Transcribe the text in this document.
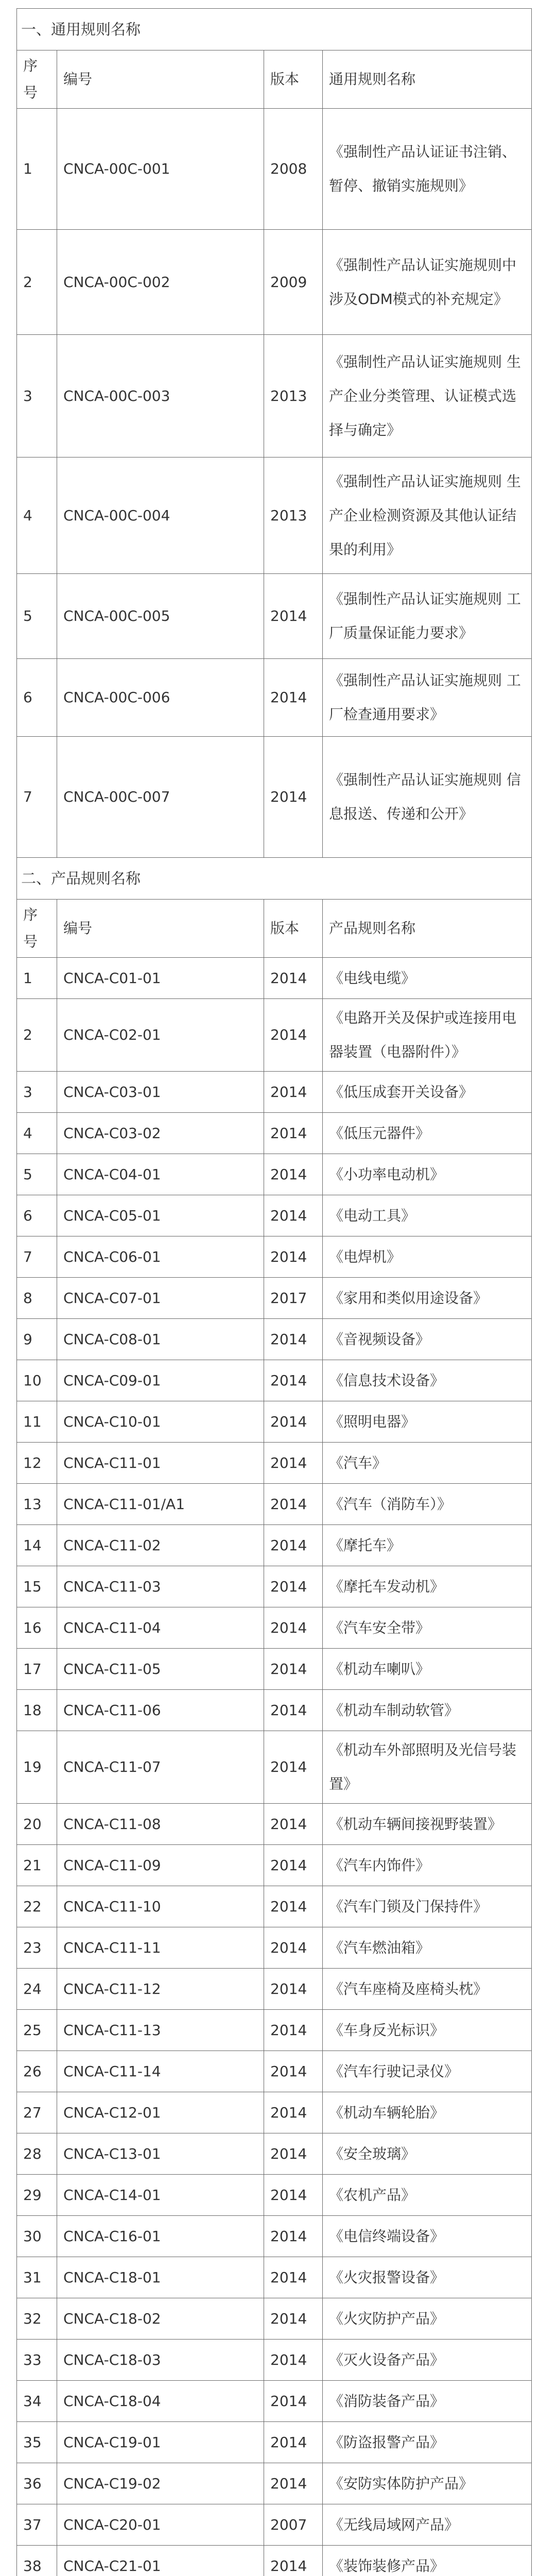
一、通用规则名称			
序号	编号	版本	通用规则名称
1	CNCA-00C-001	2008	《强制性产品认证证书注销、暂停、撤销实施规则》
2	CNCA-00C-002	2009	《强制性产品认证实施规则中涉及ODM模式的补充规定》
3	CNCA-00C-003	2013	《强制性产品认证实施规则 生产企业分类管理、认证模式选择与确定》
4	CNCA-00C-004	2013	《强制性产品认证实施规则 生产企业检测资源及其他认证结果的利用》
5	CNCA-00C-005	2014	《强制性产品认证实施规则 工厂质量保证能力要求》
6	CNCA-00C-006	2014	《强制性产品认证实施规则 工厂检查通用要求》
7	CNCA-00C-007	2014	《强制性产品认证实施规则 信息报送、传递和公开》
二、产品规则名称			
序号	编号	版本	产品规则名称
1	CNCA-C01-01	2014	《电线电缆》
2	CNCA-C02-01	2014	《电路开关及保护或连接用电器装置（电器附件）》
3	CNCA-C03-01	2014	《低压成套开关设备》
4	CNCA-C03-02	2014	《低压元器件》
5	CNCA-C04-01	2014	《小功率电动机》
6	CNCA-C05-01	2014	《电动工具》
7	CNCA-C06-01	2014	《电焊机》
8	CNCA-C07-01	2017	《家用和类似用途设备》
9	CNCA-C08-01	2014	《音视频设备》
10	CNCA-C09-01	2014	《信息技术设备》
11	CNCA-C10-01	2014	《照明电器》
12	CNCA-C11-01	2014	《汽车》
13	CNCA-C11-01/A1	2014	《汽车（消防车）》
14	CNCA-C11-02	2014	《摩托车》
15	CNCA-C11-03	2014	《摩托车发动机》
16	CNCA-C11-04	2014	《汽车安全带》
17	CNCA-C11-05	2014	《机动车喇叭》
18	CNCA-C11-06	2014	《机动车制动软管》
19	CNCA-C11-07	2014	《机动车外部照明及光信号装置》
20	CNCA-C11-08	2014	《机动车辆间接视野装置》
21	CNCA-C11-09	2014	《汽车内饰件》
22	CNCA-C11-10	2014	《汽车门锁及门保持件》
23	CNCA-C11-11	2014	《汽车燃油箱》
24	CNCA-C11-12	2014	《汽车座椅及座椅头枕》
25	CNCA-C11-13	2014	《车身反光标识》
26	CNCA-C11-14	2014	《汽车行驶记录仪》
27	CNCA-C12-01	2014	《机动车辆轮胎》
28	CNCA-C13-01	2014	《安全玻璃》
29	CNCA-C14-01	2014	《农机产品》
30	CNCA-C16-01	2014	《电信终端设备》
31	CNCA-C18-01	2014	《火灾报警设备》
32	CNCA-C18-02	2014	《火灾防护产品》
33	CNCA-C18-03	2014	《灭火设备产品》
34	CNCA-C18-04	2014	《消防装备产品》
35	CNCA-C19-01	2014	《防盗报警产品》
36	CNCA-C19-02	2014	《安防实体防护产品》
37	CNCA-C20-01	2007	《无线局域网产品》
38	CNCA-C21-01	2014	《装饰装修产品》
